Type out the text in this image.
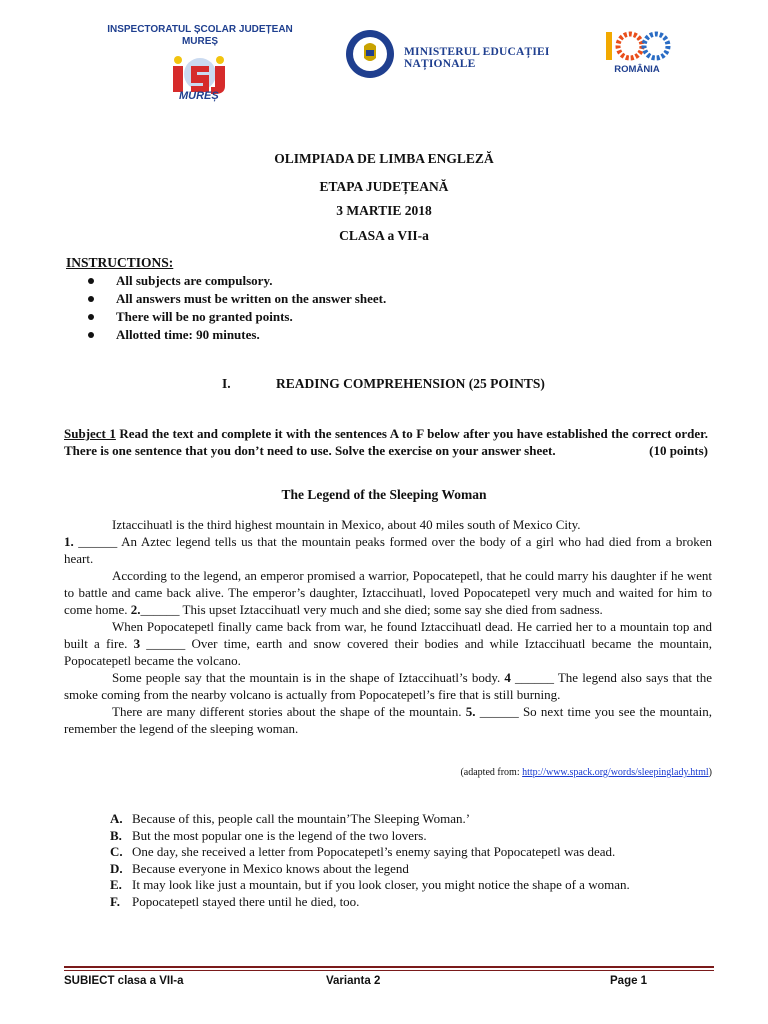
INSPECTORATUL ȘCOLAR JUDEȚEAN
MUREȘ
MUREȘ
MINISTERUL EDUCAȚIEI NAȚIONALE	ROMÂNIA
OLIMPIADA DE LIMBA ENGLEZĂ
ETAPA JUDEȚEANĂ
3 MARTIE 2018
CLASA a VII-a
INSTRUCTIONS:
All subjects are compulsory.
All answers must be written on the answer sheet.
There will be no granted points.
Allotted time: 90 minutes.
I.	READING COMPREHENSION (25 POINTS)
Subject 1 Read the text and complete it with the sentences A to F below after you have established the correct order. There is one sentence that you don’t need to use. Solve the exercise on your answer sheet.	(10 points)
The Legend of the Sleeping Woman

Iztaccihuatl is the third highest mountain in Mexico, about 40 miles south of Mexico City.

1. ______ An Aztec legend tells us that the mountain peaks formed over the body of a girl who had died from a broken heart.

According to the legend, an emperor promised a warrior, Popocatepetl, that he could marry his daughter if he went to battle and came back alive. The emperor’s daughter, Iztaccihuatl, loved Popocatepetl very much and waited for him to come home. 2.______ This upset Iztaccihuatl very much and she died; some say she died from sadness.

When Popocatepetl finally came back from war, he found Iztaccihuatl dead. He carried her to a mountain top and built a fire. 3 ______ Over time, earth and snow covered their bodies and while Iztaccihuatl became the mountain, Popocatepetl became the volcano.

Some people say that the mountain is in the shape of Iztaccihuatl’s body. 4 ______ The legend also says that the smoke coming from the nearby volcano is actually from Popocatepetl’s fire that is still burning.

There are many different stories about the shape of the mountain. 5. ______ So next time you see the mountain, remember the legend of the sleeping woman.

(adapted from: http://www.spack.org/words/sleepinglady.html)
A. Because of this, people call the mountain’The Sleeping Woman.’
B. But the most popular one is the legend of the two lovers.
C. One day, she received a letter from Popocatepetl’s enemy saying that Popocatepetl was dead.
D. Because everyone in Mexico knows about the legend
E. It may look like just a mountain, but if you look closer, you might notice the shape of a woman.
F. Popocatepetl stayed there until he died, too.
SUBIECT clasa a VII-a	Varianta 2	Page 1
